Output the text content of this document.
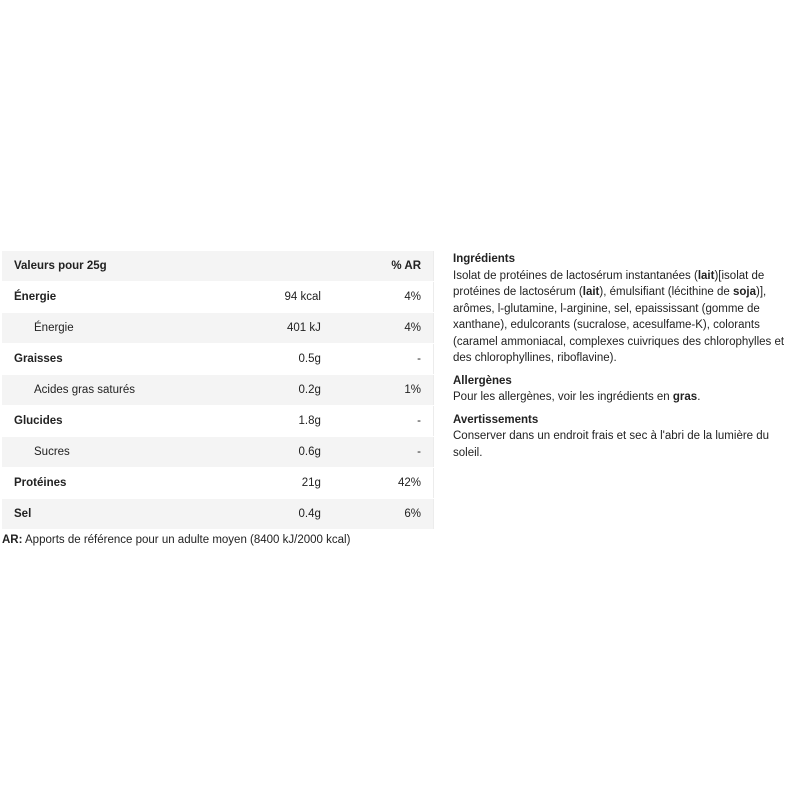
Valeurs pour 25g		% AR
Énergie	94 kcal	4%
Énergie	401 kJ	4%
Graisses	0.5g	-
Acides gras saturés	0.2g	1%
Glucides	1.8g	-
Sucres	0.6g	-
Protéines	21g	42%
Sel	0.4g	6%
AR: Apports de référence pour un adulte moyen (8400 kJ/2000 kcal)
Ingrédients

Isolat de protéines de lactosérum instantanées (lait)[isolat de protéines de lactosérum (lait), émulsifiant (lécithine de soja)], arômes, l-glutamine, l-arginine, sel, epaississant (gomme de xanthane), edulcorants (sucralose, acesulfame-K), colorants (caramel ammoniacal, complexes cuivriques des chlorophylles et des chlorophyllines, riboflavine).

Allergènes

Pour les allergènes, voir les ingrédients en gras.

Avertissements

Conserver dans un endroit frais et sec à l'abri de la lumière du soleil.
